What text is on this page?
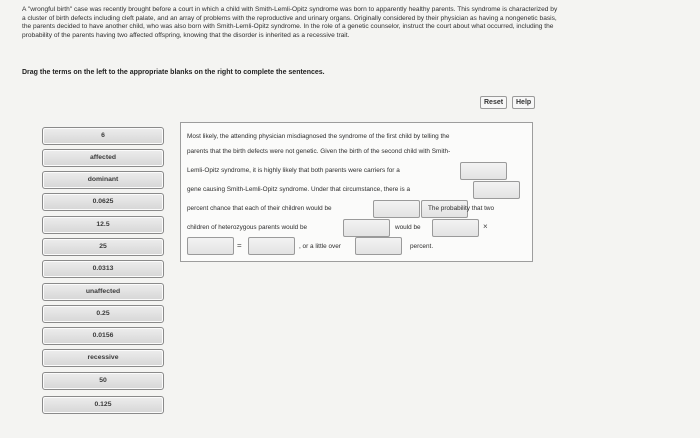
A "wrongful birth" case was recently brought before a court in which a child with Smith-Lemli-Opitz syndrome was born to apparently healthy parents. This syndrome is characterized by
a cluster of birth defects including cleft palate, and an array of problems with the reproductive and urinary organs. Originally considered by their physician as having a nongenetic basis,
the parents decided to have another child, who was also born with Smith-Lemli-Opitz syndrome. In the role of a genetic counselor, instruct the court about what occurred, including the
probability of the parents having two affected offspring, knowing that the disorder is inherited as a recessive trait.
Drag the terms on the left to the appropriate blanks on the right to complete the sentences.
Reset	Help
6
affected
dominant
0.0625
12.5
25
0.0313
unaffected
0.25
0.0156
recessive
50
0.125
Most likely, the attending physician misdiagnosed the syndrome of the first child by telling the
parents that the birth defects were not genetic. Given the birth of the second child with Smith-
Lemli-Opitz syndrome, it is highly likely that both parents were carriers for a
gene causing Smith-Lemli-Opitz syndrome. Under that circumstance, there is a
percent chance that each of their children would be	The probability that two
children of heterozygous parents would be	would be	×
=	, or a little over	percent.
